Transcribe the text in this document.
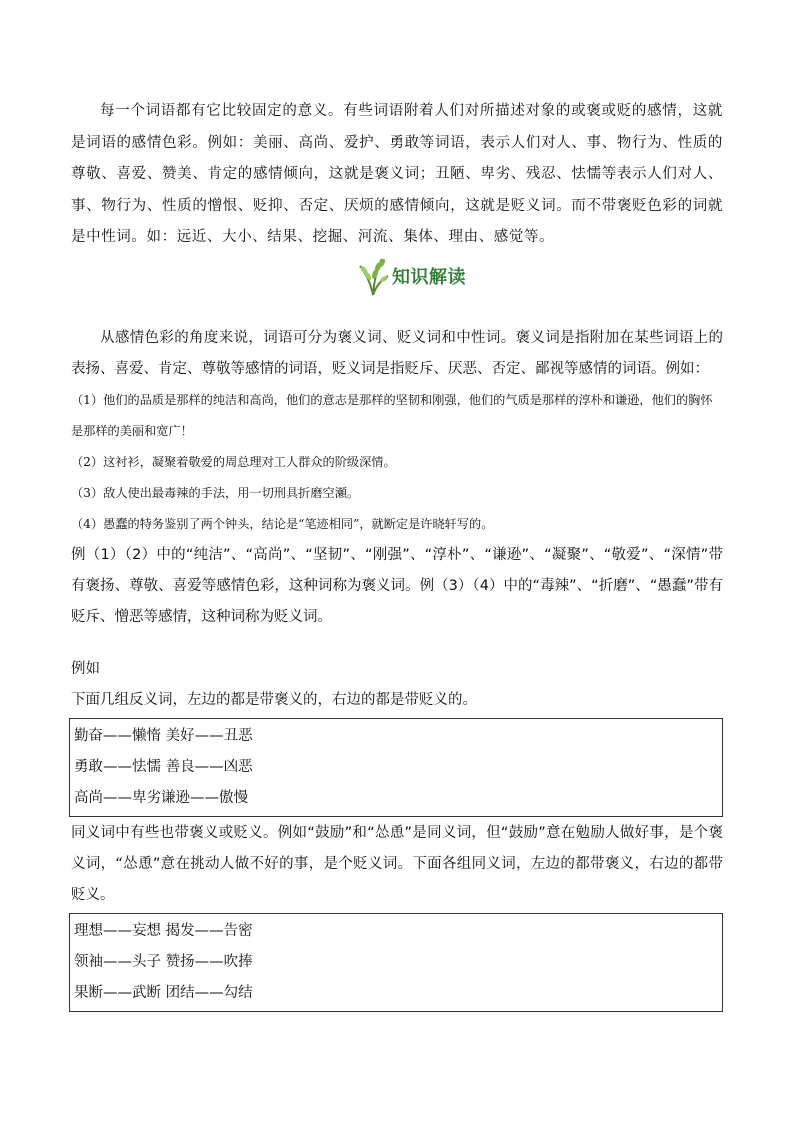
每一个词语都有它比较固定的意义。有些词语附着人们对所描述对象的或褒或贬的感情，这就是词语的感情色彩。例如：美丽、高尚、爱护、勇敢等词语，表示人们对人、事、物行为、性质的尊敬、喜爱、赞美、肯定的感情倾向，这就是褒义词；丑陋、卑劣、残忍、怯懦等表示人们对人、事、物行为、性质的憎恨、贬抑、否定、厌烦的感情倾向，这就是贬义词。而不带褒贬色彩的词就是中性词。如：远近、大小、结果、挖掘、河流、集体、理由、感觉等。

知识解读

从感情色彩的角度来说，词语可分为褒义词、贬义词和中性词。褒义词是指附加在某些词语上的表扬、喜爱、肯定、尊敬等感情的词语，贬义词是指贬斥、厌恶、否定、鄙视等感情的词语。例如：

（1）他们的品质是那样的纯洁和高尚，他们的意志是那样的坚韧和刚强，他们的气质是那样的淳朴和谦逊，他们的胸怀是那样的美丽和宽广！

（2）这衬衫，凝聚着敬爱的周总理对工人群众的阶级深情。

（3）敌人使出最毒辣的手法，用一切刑具折磨空瀬。

（4）愚蠢的特务鉴别了两个钟头，结论是“笔迹相同”，就断定是许晓轩写的。

例（1）（2）中的“纯洁”、“高尚”、“坚韧”、“刚强”、“淳朴”、“谦逊”、“凝聚”、“敬爱”、“深情”带有褒扬、尊敬、喜爱等感情色彩，这种词称为褒义词。例（3）（4）中的“毒辣”、“折磨”、“愚蠢”带有贬斥、憎恶等感情，这种词称为贬义词。

例如

下面几组反义词，左边的都是带褒义的，右边的都是带贬义的。

勤奋——懒惰 美好——丑恶
勇敢——怯懦 善良——凶恶
高尚——卑劣谦逊——傲慢

同义词中有些也带褒义或贬义。例如“鼓励”和“怂恿”是同义词，但“鼓励”意在勉励人做好事，是个褒义词，“怂恿”意在挑动人做不好的事，是个贬义词。下面各组同义词，左边的都带褒义，右边的都带贬义。

理想——妄想 揭发——告密
领袖——头子 赞扬——吹捧
果断——武断 团结——勾结
